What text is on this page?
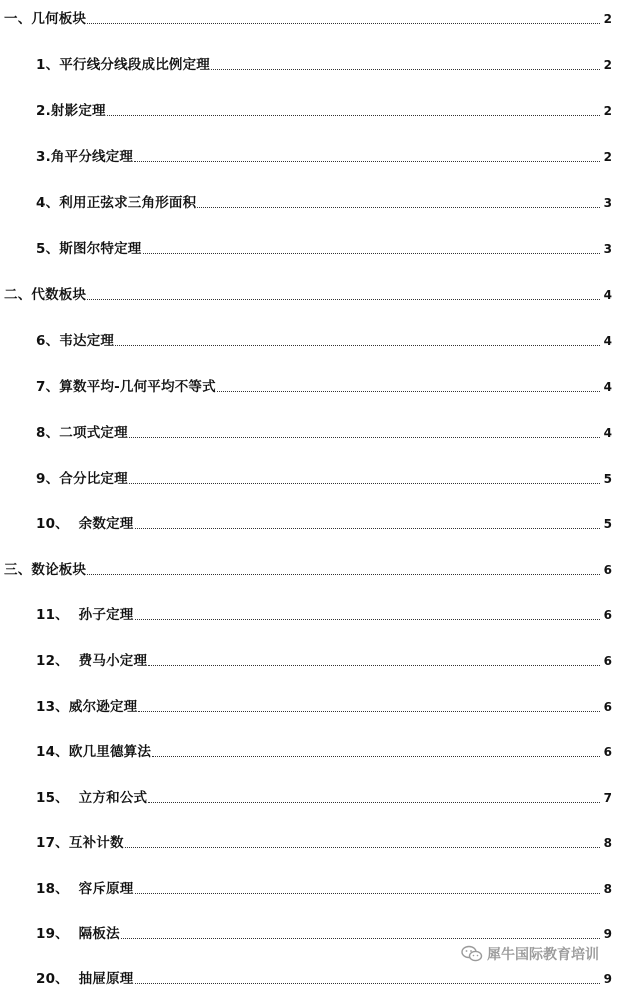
一、几何板块	2
1、平行线分线段成比例定理	2
2.射影定理	2
3.角平分线定理	2
4、利用正弦求三角形面积	3
5、斯图尔特定理	3
二、代数板块	4
6、韦达定理	4
7、算数平均-几何平均不等式	4
8、二项式定理	4
9、合分比定理	5
10、  余数定理	5
三、数论板块	6
11、  孙子定理	6
12、  费马小定理	6
13、威尔逊定理	6
14、欧几里德算法	6
15、  立方和公式	7
17、互补计数	8
18、  容斥原理	8
19、  隔板法	9
20、  抽屉原理	9
犀牛国际教育培训
